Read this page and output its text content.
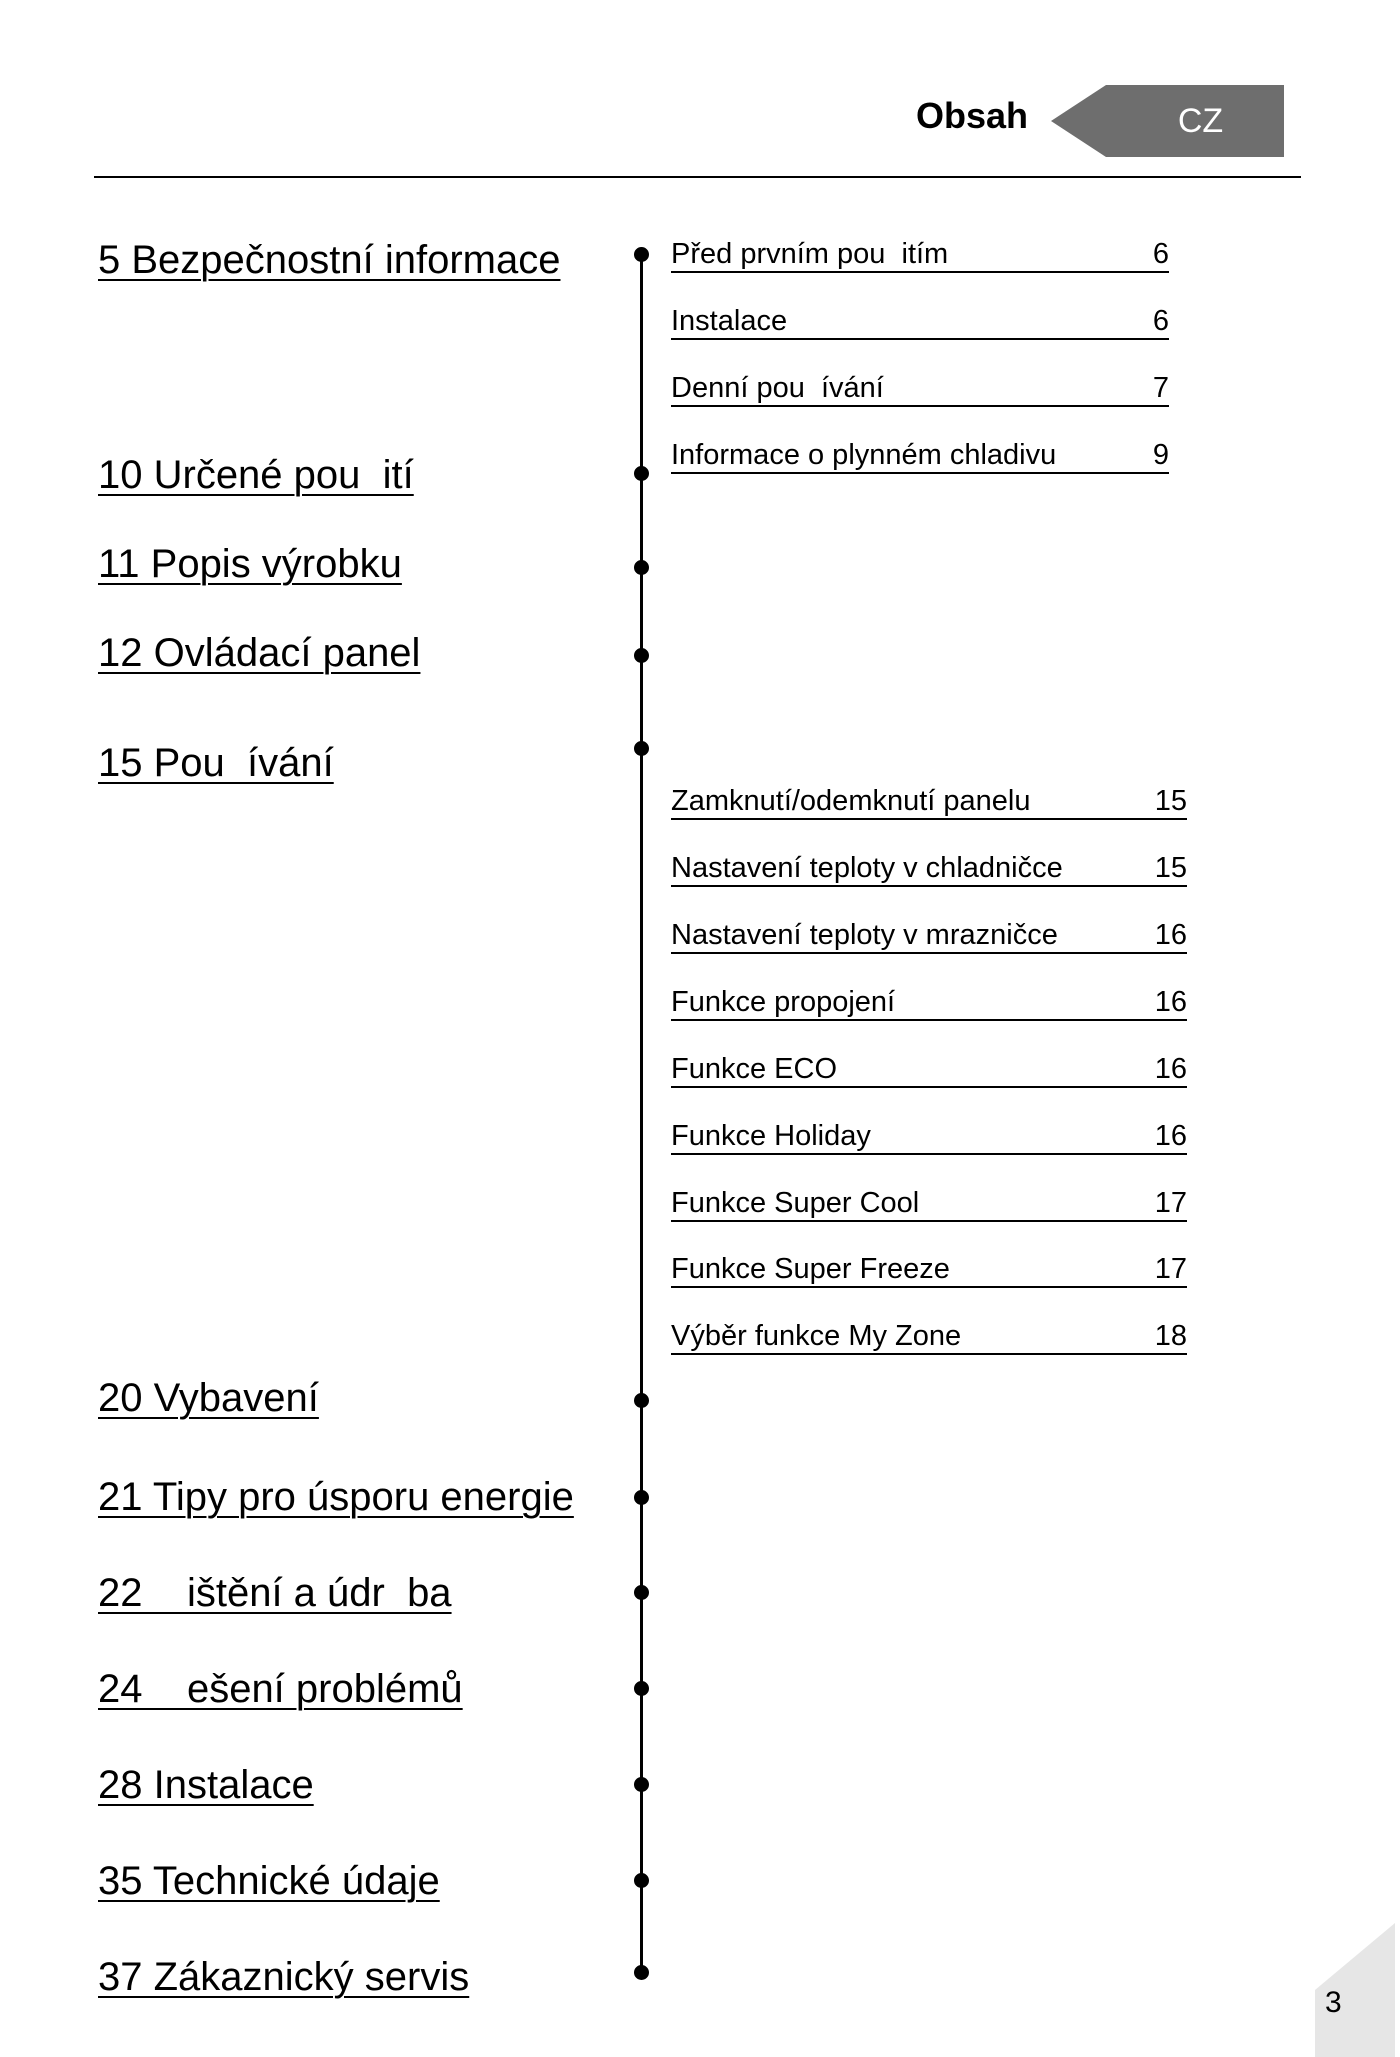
Obsah	CZ
5 Bezpečnostní informace
10 Určené pou  ití
11 Popis výrobku
12 Ovládací panel
15 Pou  ívání
20 Vybavení
21 Tipy pro úsporu energie
22    ištění a údr  ba
24    ešení problémů
28 Instalace
35 Technické údaje
37 Zákaznický servis
Před prvním pou  itím	6
Instalace	6
Denní pou  ívání	7
Informace o plynném chladivu	9
Zamknutí/odemknutí panelu	15
Nastavení teploty v chladničce	15
Nastavení teploty v mrazničce	16
Funkce propojení	16
Funkce ECO	16
Funkce Holiday	16
Funkce Super Cool	17
Funkce Super Freeze	17
Výběr funkce My Zone	18
3
